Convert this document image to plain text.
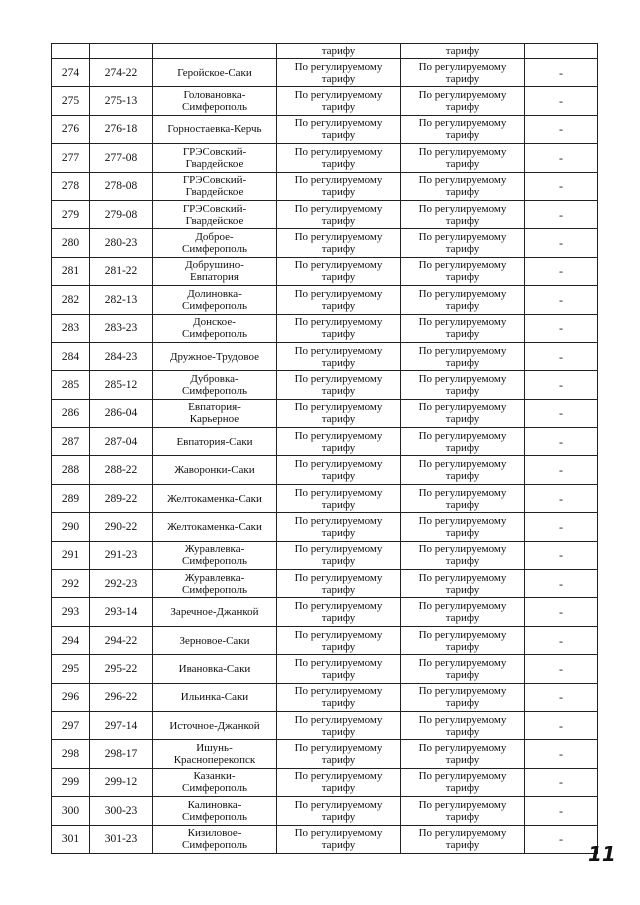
			тарифу	тарифу	
274	274-22	Геройское-Саки	По регулируемому
тарифу	По регулируемому
тарифу	-
275	275-13	Головановка-
Симферополь	По регулируемому
тарифу	По регулируемому
тарифу	-
276	276-18	Горностаевка-Керчь	По регулируемому
тарифу	По регулируемому
тарифу	-
277	277-08	ГРЭСовский-
Гвардейское	По регулируемому
тарифу	По регулируемому
тарифу	-
278	278-08	ГРЭСовский-
Гвардейское	По регулируемому
тарифу	По регулируемому
тарифу	-
279	279-08	ГРЭСовский-
Гвардейское	По регулируемому
тарифу	По регулируемому
тарифу	-
280	280-23	Доброе-
Симферополь	По регулируемому
тарифу	По регулируемому
тарифу	-
281	281-22	Добрушино-
Евпатория	По регулируемому
тарифу	По регулируемому
тарифу	-
282	282-13	Долиновка-
Симферополь	По регулируемому
тарифу	По регулируемому
тарифу	-
283	283-23	Донское-
Симферополь	По регулируемому
тарифу	По регулируемому
тарифу	-
284	284-23	Дружное-Трудовое	По регулируемому
тарифу	По регулируемому
тарифу	-
285	285-12	Дубровка-
Симферополь	По регулируемому
тарифу	По регулируемому
тарифу	-
286	286-04	Евпатория-
Карьерное	По регулируемому
тарифу	По регулируемому
тарифу	-
287	287-04	Евпатория-Саки	По регулируемому
тарифу	По регулируемому
тарифу	-
288	288-22	Жаворонки-Саки	По регулируемому
тарифу	По регулируемому
тарифу	-
289	289-22	Желтокаменка-Саки	По регулируемому
тарифу	По регулируемому
тарифу	-
290	290-22	Желтокаменка-Саки	По регулируемому
тарифу	По регулируемому
тарифу	-
291	291-23	Журавлевка-
Симферополь	По регулируемому
тарифу	По регулируемому
тарифу	-
292	292-23	Журавлевка-
Симферополь	По регулируемому
тарифу	По регулируемому
тарифу	-
293	293-14	Заречное-Джанкой	По регулируемому
тарифу	По регулируемому
тарифу	-
294	294-22	Зерновое-Саки	По регулируемому
тарифу	По регулируемому
тарифу	-
295	295-22	Ивановка-Саки	По регулируемому
тарифу	По регулируемому
тарифу	-
296	296-22	Ильинка-Саки	По регулируемому
тарифу	По регулируемому
тарифу	-
297	297-14	Источное-Джанкой	По регулируемому
тарифу	По регулируемому
тарифу	-
298	298-17	Ишунь-
Красноперекопск	По регулируемому
тарифу	По регулируемому
тарифу	-
299	299-12	Казанки-
Симферополь	По регулируемому
тарифу	По регулируемому
тарифу	-
300	300-23	Калиновка-
Симферополь	По регулируемому
тарифу	По регулируемому
тарифу	-
301	301-23	Кизиловое-
Симферополь	По регулируемому
тарифу	По регулируемому
тарифу	-
11
